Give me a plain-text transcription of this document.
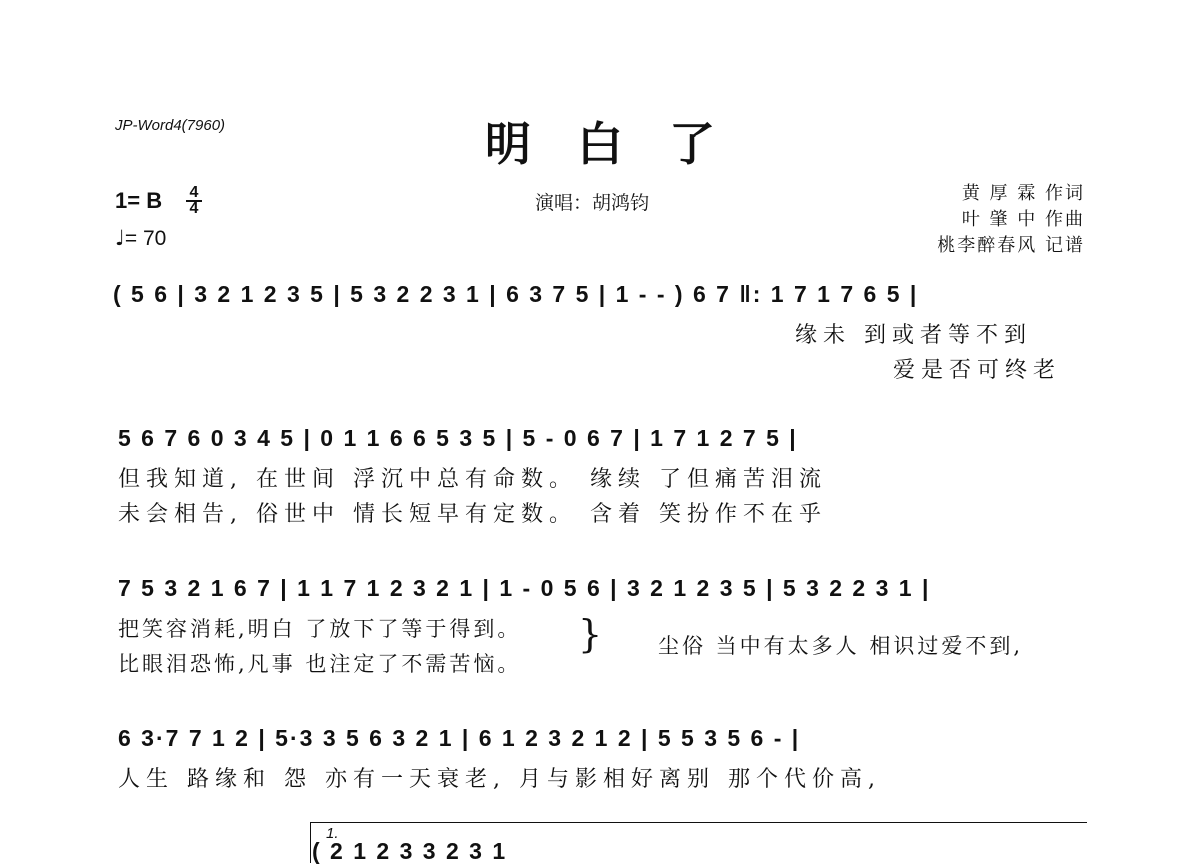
JP-Word4(7960)	明白了
1= B 4
4
♩= 70
演唱：胡鸿钧	黄 厚 霖 作词
叶 肇 中 作曲
桃李醉春风 记谱
( 5 6 | 3 2 1 2 3 5 | 5 3 2 2 3 1 | 6 3 7 5 | 1 - - ) 6 7 ‖: 1 7 1 7 6 5 |
缘未 到或者等不到
爱是否可终老
5 6 7 6 0 3 4 5 | 0 1 1 6 6 5 3 5 | 5 - 0 6 7 | 1 7 1 2 7 5 |
但我知道, 在世间 浮沉中总有命数。 缘续 了但痛苦泪流
未会相告, 俗世中 情长短早有定数。 含着 笑扮作不在乎
7 5 3 2 1 6 7 | 1 1 7 1 2 3 2 1 | 1 - 0 5 6 | 3 2 1 2 3 5 | 5 3 2 2 3 1 |
把笑容消耗,明白 了放下了等于得到。
比眼泪恐怖,凡事 也注定了不需苦恼。
}	尘俗 当中有太多人 相识过爱不到,
6 3·7 7 1 2 | 5·3 3 5 6 3 2 1 | 6 1 2 3 2 1 2 | 5 5 3 5 6 - |
人生 路缘和 怨 亦有一天衰老, 月与影相好离别 那个代价高,
1.
( 2 1 2 3 3 2 3 1
